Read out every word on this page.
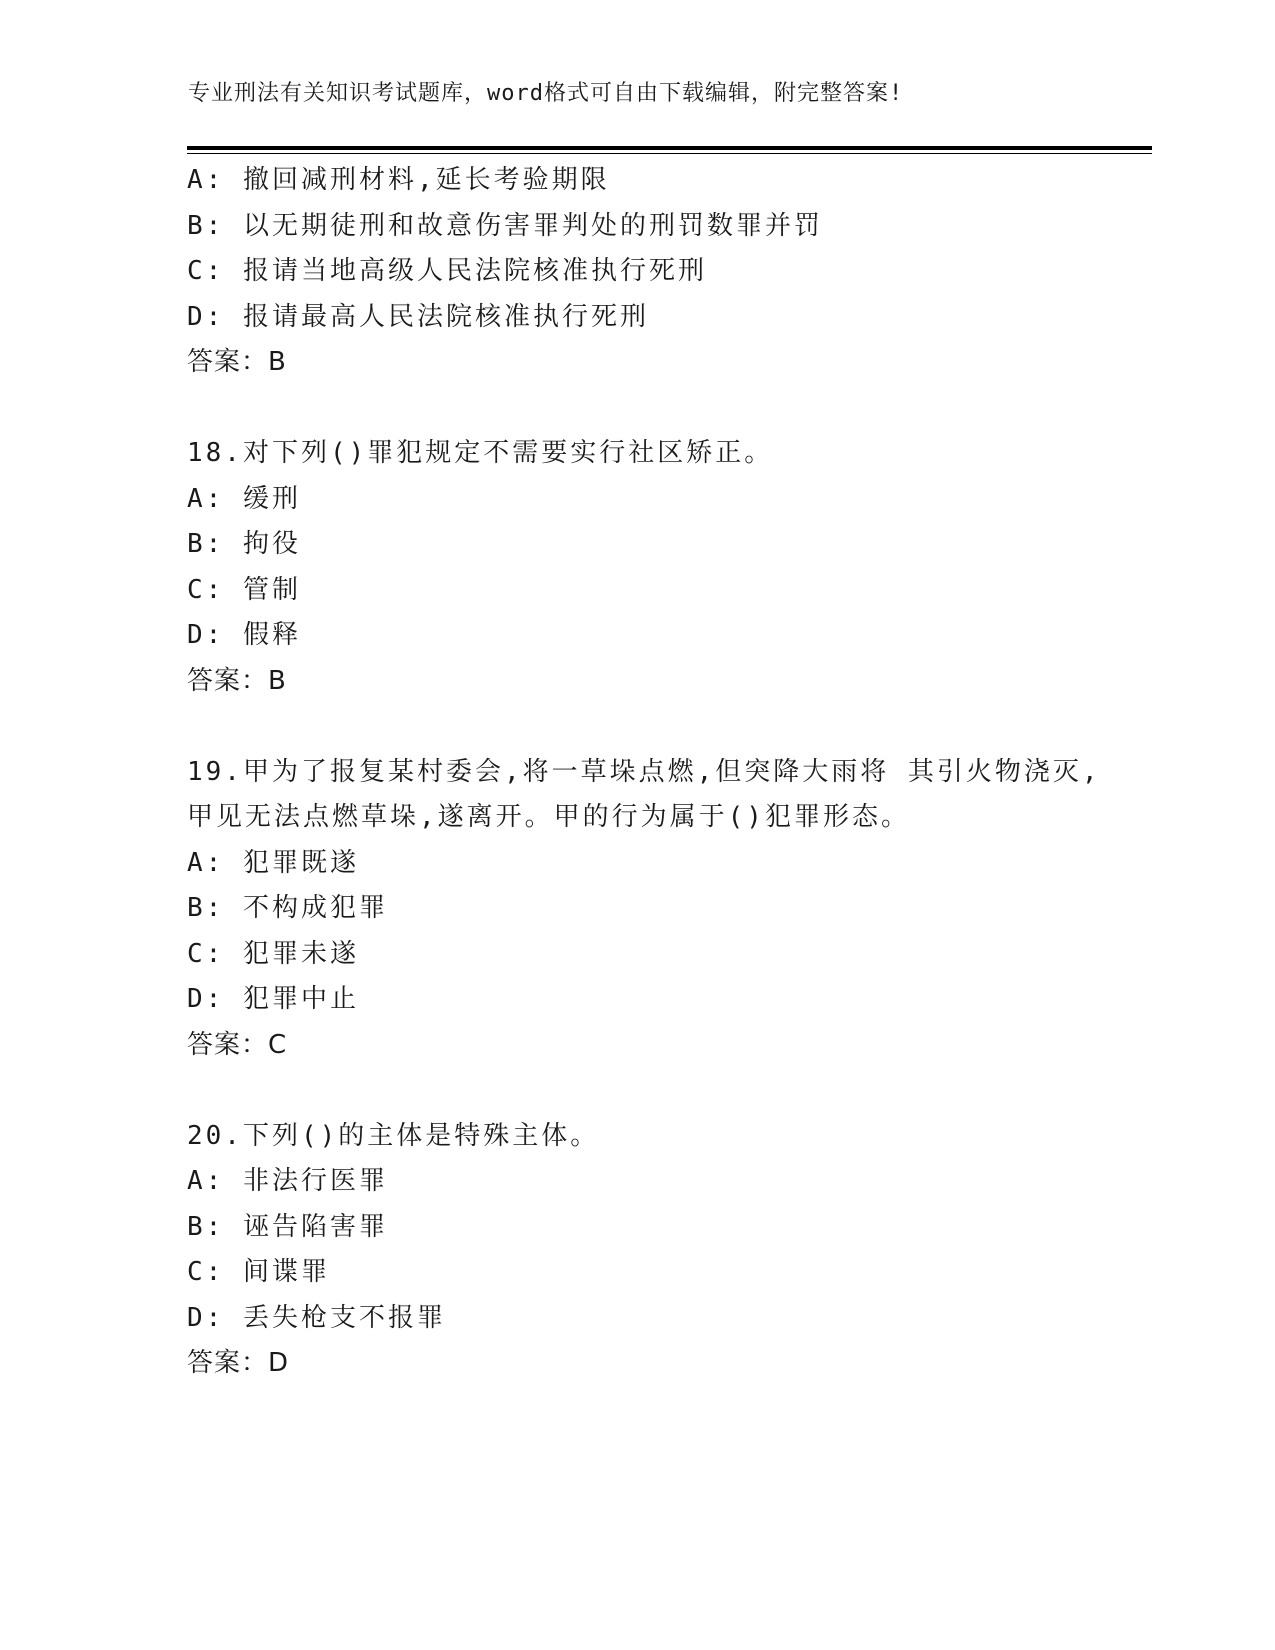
专业刑法有关知识考试题库，word格式可自由下载编辑，附完整答案!
A: 撤回减刑材料,延长考验期限
B: 以无期徒刑和故意伤害罪判处的刑罚数罪并罚
C: 报请当地高级人民法院核准执行死刑
D: 报请最高人民法院核准执行死刑
答案：B
18.对下列()罪犯规定不需要实行社区矫正。
A: 缓刑
B: 拘役
C: 管制
D: 假释
答案：B
19.甲为了报复某村委会,将一草垛点燃,但突降大雨将 其引火物浇灭,
甲见无法点燃草垛,遂离开。甲的行为属于()犯罪形态。
A: 犯罪既遂
B: 不构成犯罪
C: 犯罪未遂
D: 犯罪中止
答案：C
20.下列()的主体是特殊主体。
A: 非法行医罪
B: 诬告陷害罪
C: 间谍罪
D: 丢失枪支不报罪
答案：D
